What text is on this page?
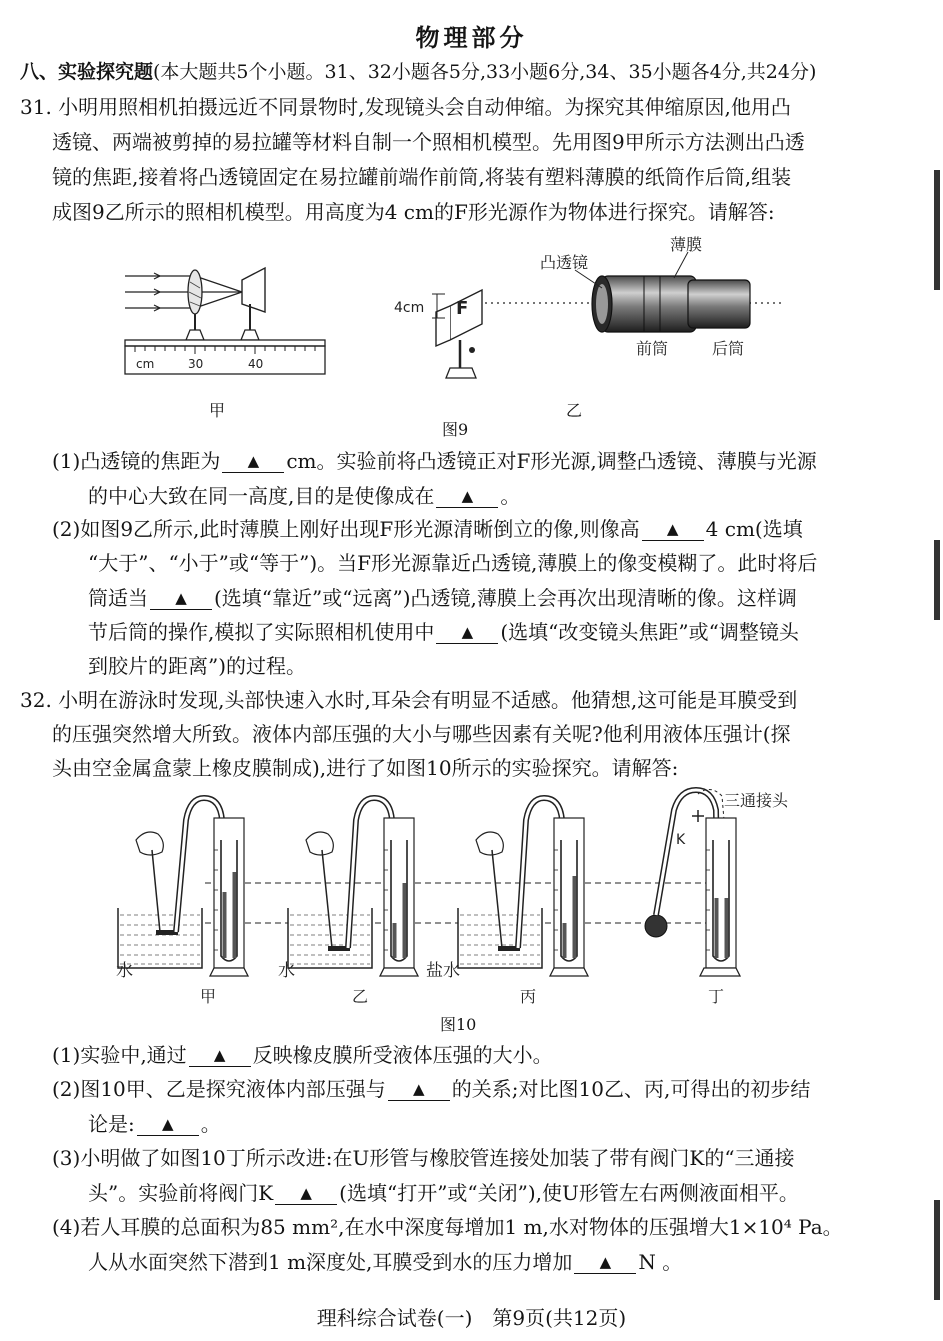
物理部分
八、实验探究题(本大题共5个小题。31、32小题各5分,33小题6分,34、35小题各4分,共24分)
31. 小明用照相机拍摄远近不同景物时,发现镜头会自动伸缩。为探究其伸缩原因,他用凸
透镜、两端被剪掉的易拉罐等材料自制一个照相机模型。先用图9甲所示方法测出凸透
镜的焦距,接着将凸透镜固定在易拉罐前端作前筒,将装有塑料薄膜的纸筒作后筒,组装
成图9乙所示的照相机模型。用高度为4 cm的F形光源作为物体进行探究。请解答:
cm	30	40
甲
F
4cm
凸透镜
薄膜
前筒	后筒
图9
乙
(1)凸透镜的焦距为 ▲ cm。实验前将凸透镜正对F形光源,调整凸透镜、薄膜与光源
的中心大致在同一高度,目的是使像成在 ▲ 。
(2)如图9乙所示,此时薄膜上刚好出现F形光源清晰倒立的像,则像高 ▲ 4 cm(选填
“大于”、“小于”或“等于”)。当F形光源靠近凸透镜,薄膜上的像变模糊了。此时将后
筒适当 ▲ (选填“靠近”或“远离”)凸透镜,薄膜上会再次出现清晰的像。这样调
节后筒的操作,模拟了实际照相机使用中 ▲ (选填“改变镜头焦距”或“调整镜头
到胶片的距离”)的过程。
32. 小明在游泳时发现,头部快速入水时,耳朵会有明显不适感。他猜想,这可能是耳膜受到
的压强突然增大所致。液体内部压强的大小与哪些因素有关呢?他利用液体压强计(探
头由空金属盒蒙上橡皮膜制成),进行了如图10所示的实验探究。请解答:
K
三通接头
水	水	盐水
甲	乙	丙	丁
图10
(1)实验中,通过 ▲ 反映橡皮膜所受液体压强的大小。
(2)图10甲、乙是探究液体内部压强与 ▲ 的关系;对比图10乙、丙,可得出的初步结
论是: ▲ 。
(3)小明做了如图10丁所示改进:在U形管与橡胶管连接处加装了带有阀门K的“三通接
头”。实验前将阀门K ▲ (选填“打开”或“关闭”),使U形管左右两侧液面相平。
(4)若人耳膜的总面积为85 mm²,在水中深度每增加1 m,水对物体的压强增大1×10⁴ Pa。
人从水面突然下潜到1 m深度处,耳膜受到水的压力增加 ▲ N 。
理科综合试卷(一)　第9页(共12页)
